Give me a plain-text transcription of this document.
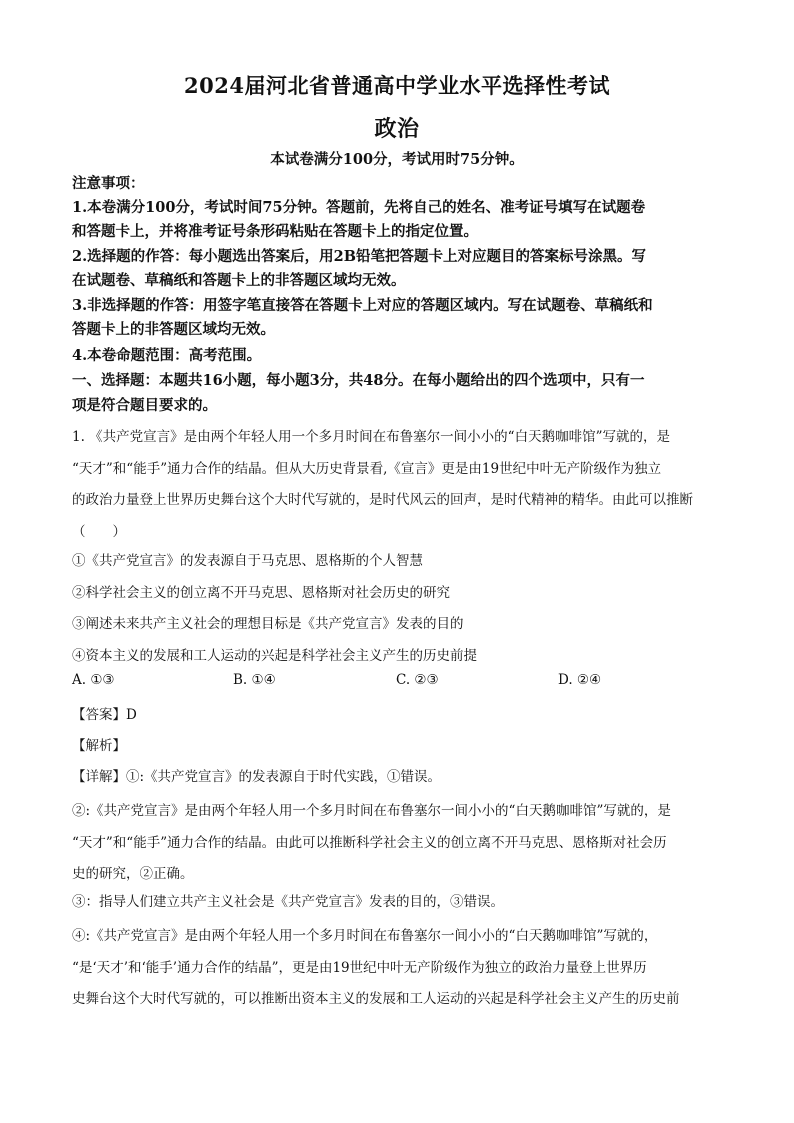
2024届河北省普通高中学业水平选择性考试
政治
本试卷满分100分，考试用时75分钟。
注意事项：
1.本卷满分100分，考试时间75分钟。答题前，先将自己的姓名、准考证号填写在试题卷
和答题卡上，并将准考证号条形码粘贴在答题卡上的指定位置。
2.选择题的作答：每小题选出答案后，用2B铅笔把答题卡上对应题目的答案标号涂黑。写
在试题卷、草稿纸和答题卡上的非答题区域均无效。
3.非选择题的作答：用签字笔直接答在答题卡上对应的答题区域内。写在试题卷、草稿纸和
答题卡上的非答题区域均无效。
4.本卷命题范围：高考范围。
一、选择题：本题共16小题，每小题3分，共48分。在每小题给出的四个选项中，只有一
项是符合题目要求的。
1. 《共产党宣言》是由两个年轻人用一个多月时间在布鲁塞尔一间小小的“白天鹅咖啡馆”写就的，是
“天才”和“能手”通力合作的结晶。但从大历史背景看,《宣言》更是由19世纪中叶无产阶级作为独立
的政治力量登上世界历史舞台这个大时代写就的，是时代风云的回声，是时代精神的精华。由此可以推断
（　　）
①《共产党宣言》的发表源自于马克思、恩格斯的个人智慧
②科学社会主义的创立离不开马克思、恩格斯对社会历史的研究
③阐述未来共产主义社会的理想目标是《共产党宣言》发表的目的
④资本主义的发展和工人运动的兴起是科学社会主义产生的历史前提
A. ①③	B. ①④	C. ②③	D. ②④
【答案】D
【解析】
【详解】①:《共产党宣言》的发表源自于时代实践，①错误。
②:《共产党宣言》是由两个年轻人用一个多月时间在布鲁塞尔一间小小的“白天鹅咖啡馆”写就的，是
“天才”和“能手”通力合作的结晶。由此可以推断科学社会主义的创立离不开马克思、恩格斯对社会历
史的研究，②正确。
③：指导人们建立共产主义社会是《共产党宣言》发表的目的，③错误。
④:《共产党宣言》是由两个年轻人用一个多月时间在布鲁塞尔一间小小的“白天鹅咖啡馆”写就的，
“是‘天才’和‘能手’通力合作的结晶”，更是由19世纪中叶无产阶级作为独立的政治力量登上世界历
史舞台这个大时代写就的，可以推断出资本主义的发展和工人运动的兴起是科学社会主义产生的历史前
